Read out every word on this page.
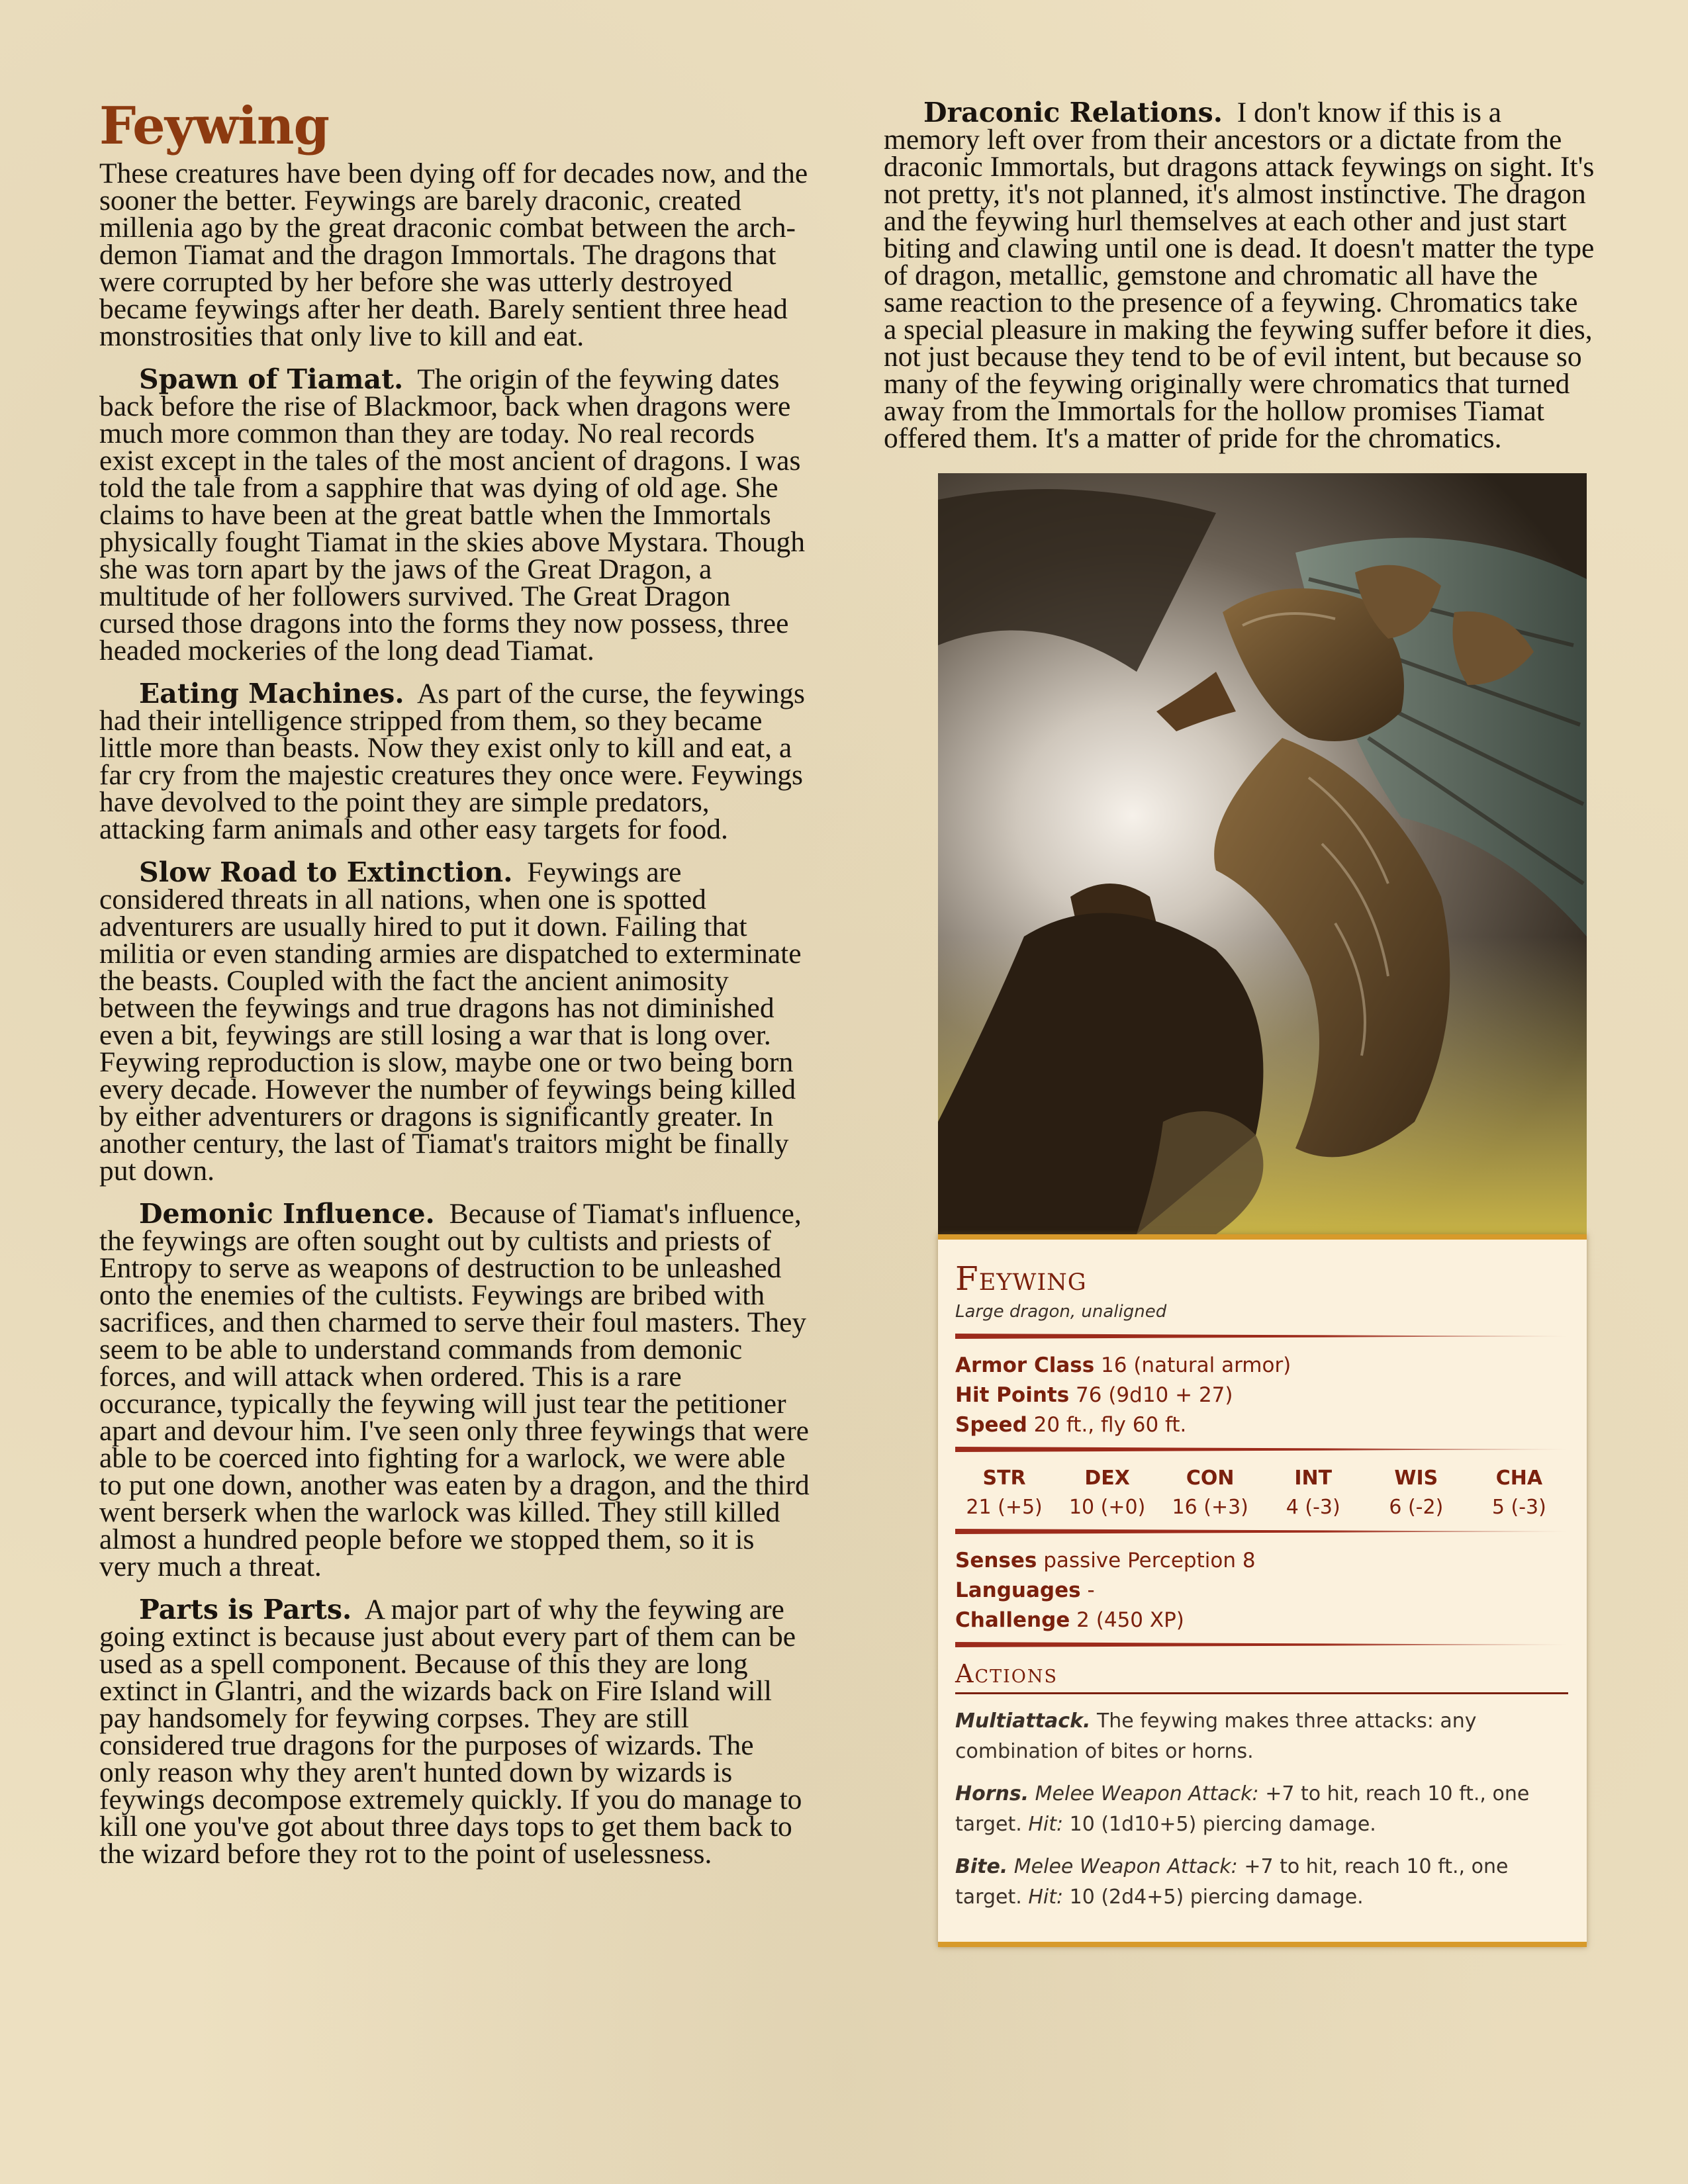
Feywing

These creatures have been dying off for decades now, and the sooner the better. Feywings are barely draconic, created millenia ago by the great draconic combat between the arch-demon Tiamat and the dragon Immortals. The dragons that were corrupted by her before she was utterly destroyed became feywings after her death. Barely sentient three head monstrosities that only live to kill and eat.

Spawn of Tiamat. The origin of the feywing dates back before the rise of Blackmoor, back when dragons were much more common than they are today. No real records exist except in the tales of the most ancient of dragons. I was told the tale from a sapphire that was dying of old age. She claims to have been at the great battle when the Immortals physically fought Tiamat in the skies above Mystara. Though she was torn apart by the jaws of the Great Dragon, a multitude of her followers survived. The Great Dragon cursed those dragons into the forms they now possess, three headed mockeries of the long dead Tiamat.

Eating Machines. As part of the curse, the feywings had their intelligence stripped from them, so they became little more than beasts. Now they exist only to kill and eat, a far cry from the majestic creatures they once were. Feywings have devolved to the point they are simple predators, attacking farm animals and other easy targets for food.

Slow Road to Extinction. Feywings are considered threats in all nations, when one is spotted adventurers are usually hired to put it down. Failing that militia or even standing armies are dispatched to exterminate the beasts. Coupled with the fact the ancient animosity between the feywings and true dragons has not diminished even a bit, feywings are still losing a war that is long over. Feywing reproduction is slow, maybe one or two being born every decade. However the number of feywings being killed by either adventurers or dragons is significantly greater. In another century, the last of Tiamat's traitors might be finally put down.

Demonic Influence. Because of Tiamat's influence, the feywings are often sought out by cultists and priests of Entropy to serve as weapons of destruction to be unleashed onto the enemies of the cultists. Feywings are bribed with sacrifices, and then charmed to serve their foul masters. They seem to be able to understand commands from demonic forces, and will attack when ordered. This is a rare occurance, typically the feywing will just tear the petitioner apart and devour him. I've seen only three feywings that were able to be coerced into fighting for a warlock, we were able to put one down, another was eaten by a dragon, and the third went berserk when the warlock was killed. They still killed almost a hundred people before we stopped them, so it is very much a threat.

Parts is Parts. A major part of why the feywing are going extinct is because just about every part of them can be used as a spell component. Because of this they are long extinct in Glantri, and the wizards back on Fire Island will pay handsomely for feywing corpses. They are still considered true dragons for the purposes of wizards. The only reason why they aren't hunted down by wizards is feywings decompose extremely quickly. If you do manage to kill one you've got about three days tops to get them back to the wizard before they rot to the point of uselessness.

Draconic Relations. I don't know if this is a memory left over from their ancestors or a dictate from the draconic Immortals, but dragons attack feywings on sight. It's not pretty, it's not planned, it's almost instinctive. The dragon and the feywing hurl themselves at each other and just start biting and clawing until one is dead. It doesn't matter the type of dragon, metallic, gemstone and chromatic all have the same reaction to the presence of a feywing. Chromatics take a special pleasure in making the feywing suffer before it dies, not just because they tend to be of evil intent, but because so many of the feywing originally were chromatics that turned away from the Immortals for the hollow promises Tiamat offered them. It's a matter of pride for the chromatics.

Feywing
Large dragon, unaligned
Armor Class 16 (natural armor)
Hit Points 76 (9d10 + 27)
Speed 20 ft., fly 60 ft.
STR
21 (+5)
DEX
10 (+0)
CON
16 (+3)
INT
4 (-3)
WIS
6 (-2)
CHA
5 (-3)
Senses passive Perception 8
Languages -
Challenge 2 (450 XP)
Actions
Multiattack. The feywing makes three attacks: any combination of bites or horns.
Horns. Melee Weapon Attack: +7 to hit, reach 10 ft., one target. Hit: 10 (1d10+5) piercing damage.
Bite. Melee Weapon Attack: +7 to hit, reach 10 ft., one target. Hit: 10 (2d4+5) piercing damage.
